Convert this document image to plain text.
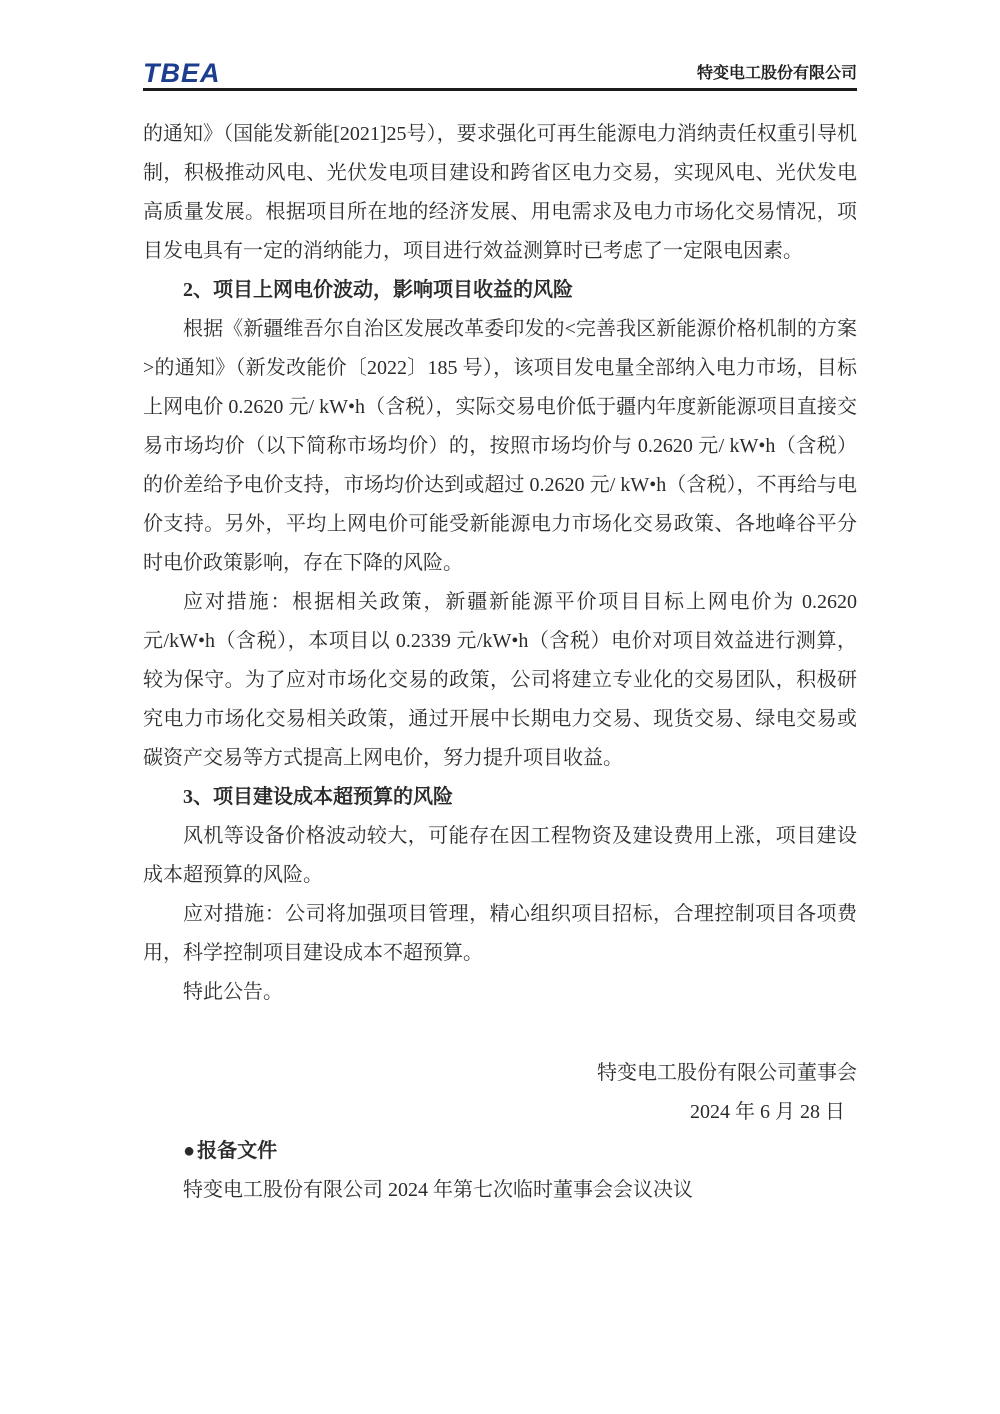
TBEA	特变电工股份有限公司

的通知》（国能发新能[2021]25号），要求强化可再生能源电力消纳责任权重引导机制，积极推动风电、光伏发电项目建设和跨省区电力交易，实现风电、光伏发电高质量发展。根据项目所在地的经济发展、用电需求及电力市场化交易情况，项目发电具有一定的消纳能力，项目进行效益测算时已考虑了一定限电因素。

2、项目上网电价波动，影响项目收益的风险

根据《新疆维吾尔自治区发展改革委印发的<完善我区新能源价格机制的方案>的通知》（新发改能价〔2022〕185 号），该项目发电量全部纳入电力市场，目标上网电价 0.2620 元/ kW•h（含税），实际交易电价低于疆内年度新能源项目直接交易市场均价（以下简称市场均价）的，按照市场均价与 0.2620 元/ kW•h（含税）的价差给予电价支持，市场均价达到或超过 0.2620 元/ kW•h（含税），不再给与电价支持。另外，平均上网电价可能受新能源电力市场化交易政策、各地峰谷平分时电价政策影响，存在下降的风险。

应对措施：根据相关政策，新疆新能源平价项目目标上网电价为 0.2620 元/kW•h（含税），本项目以 0.2339 元/kW•h（含税）电价对项目效益进行测算，较为保守。为了应对市场化交易的政策，公司将建立专业化的交易团队，积极研究电力市场化交易相关政策，通过开展中长期电力交易、现货交易、绿电交易或碳资产交易等方式提高上网电价，努力提升项目收益。

3、项目建设成本超预算的风险

风机等设备价格波动较大，可能存在因工程物资及建设费用上涨，项目建设成本超预算的风险。

应对措施：公司将加强项目管理，精心组织项目招标，合理控制项目各项费用，科学控制项目建设成本不超预算。

特此公告。

特变电工股份有限公司董事会

2024 年 6 月 28 日

● 报备文件

特变电工股份有限公司 2024 年第七次临时董事会会议决议
